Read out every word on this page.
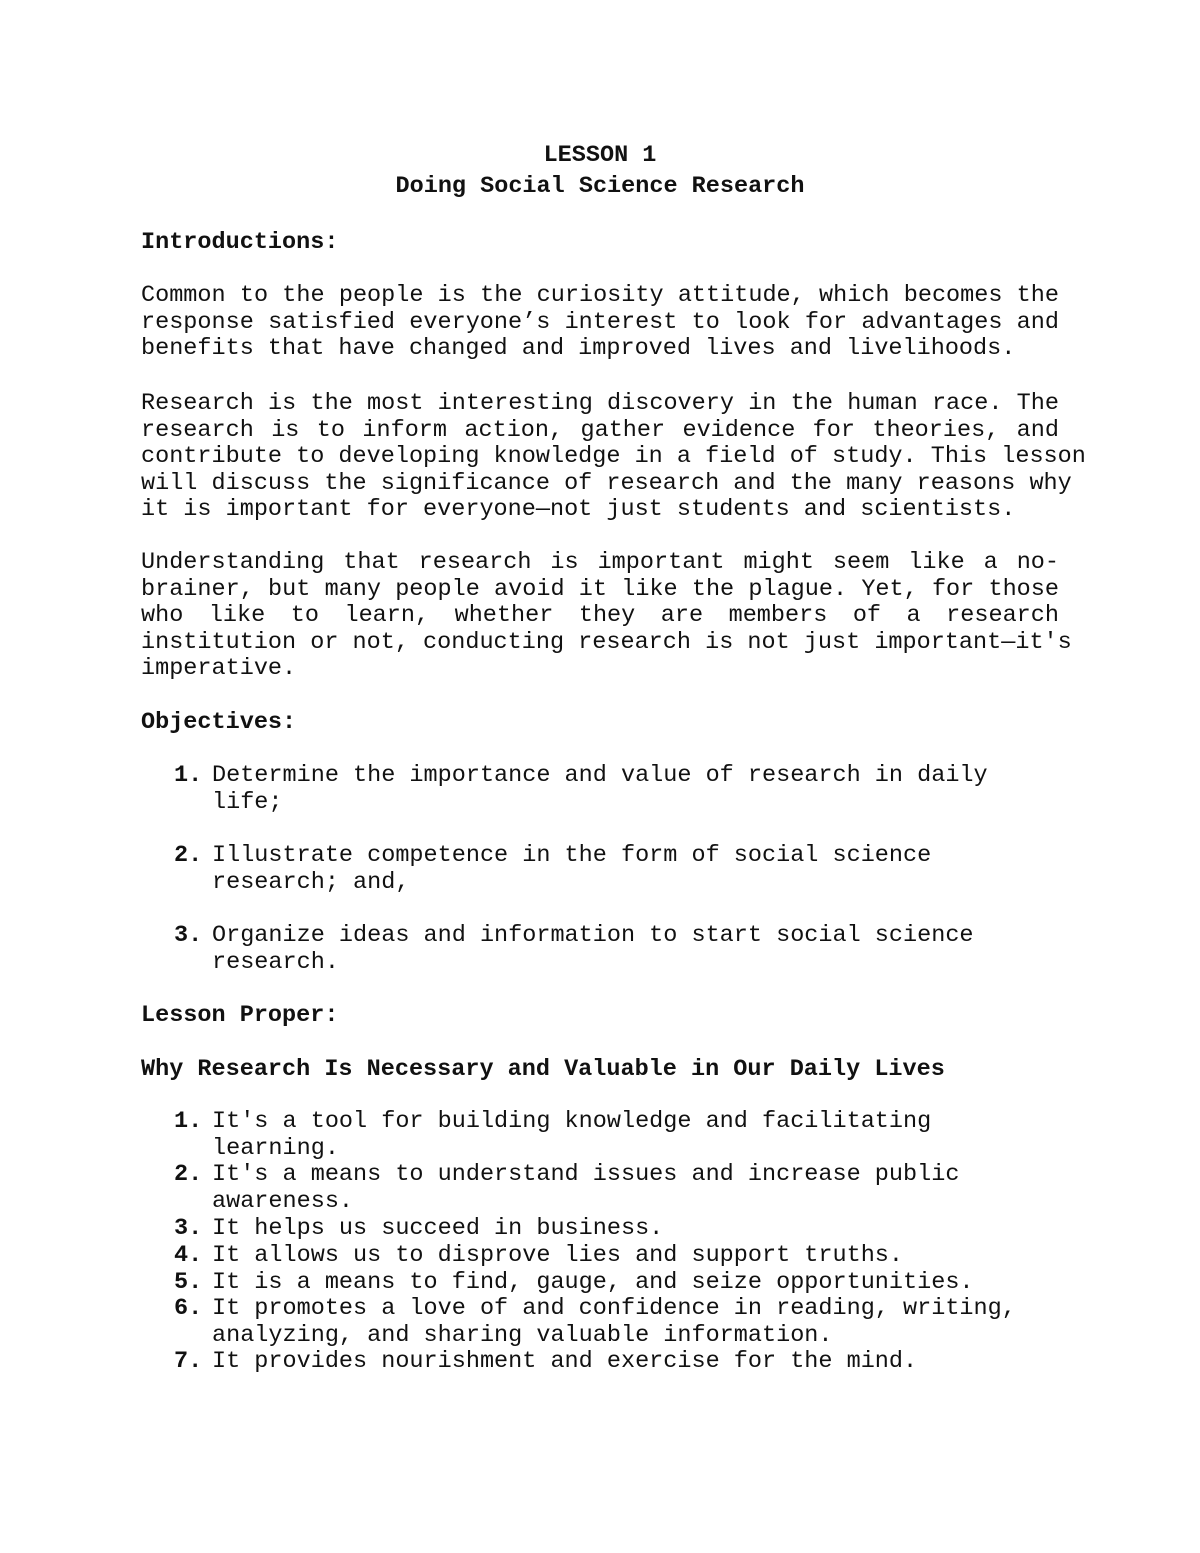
LESSON 1
Doing Social Science Research
Introductions:
Common to the people is the curiosity attitude, which becomes the
response satisfied everyone’s interest to look for advantages and
benefits that have changed and improved lives and livelihoods.
Research is the most interesting discovery in the human race. The
research is to inform action, gather evidence for theories, and
contribute to developing knowledge in a field of study. This lesson
will discuss the significance of research and the many reasons why
it is important for everyone—not just students and scientists.
Understanding that research is important might seem like a no-
brainer, but many people avoid it like the plague. Yet, for those
who like to learn, whether they are members of a research
institution or not, conducting research is not just important—it's
imperative.
Objectives:
1. Determine the importance and value of research in daily
life;
2. Illustrate competence in the form of social science
research; and,
3. Organize ideas and information to start social science
research.
Lesson Proper:
Why Research Is Necessary and Valuable in Our Daily Lives
1. It's a tool for building knowledge and facilitating
learning.
2. It's a means to understand issues and increase public
awareness.
3. It helps us succeed in business.
4. It allows us to disprove lies and support truths.
5. It is a means to find, gauge, and seize opportunities.
6. It promotes a love of and confidence in reading, writing,
analyzing, and sharing valuable information.
7. It provides nourishment and exercise for the mind.
